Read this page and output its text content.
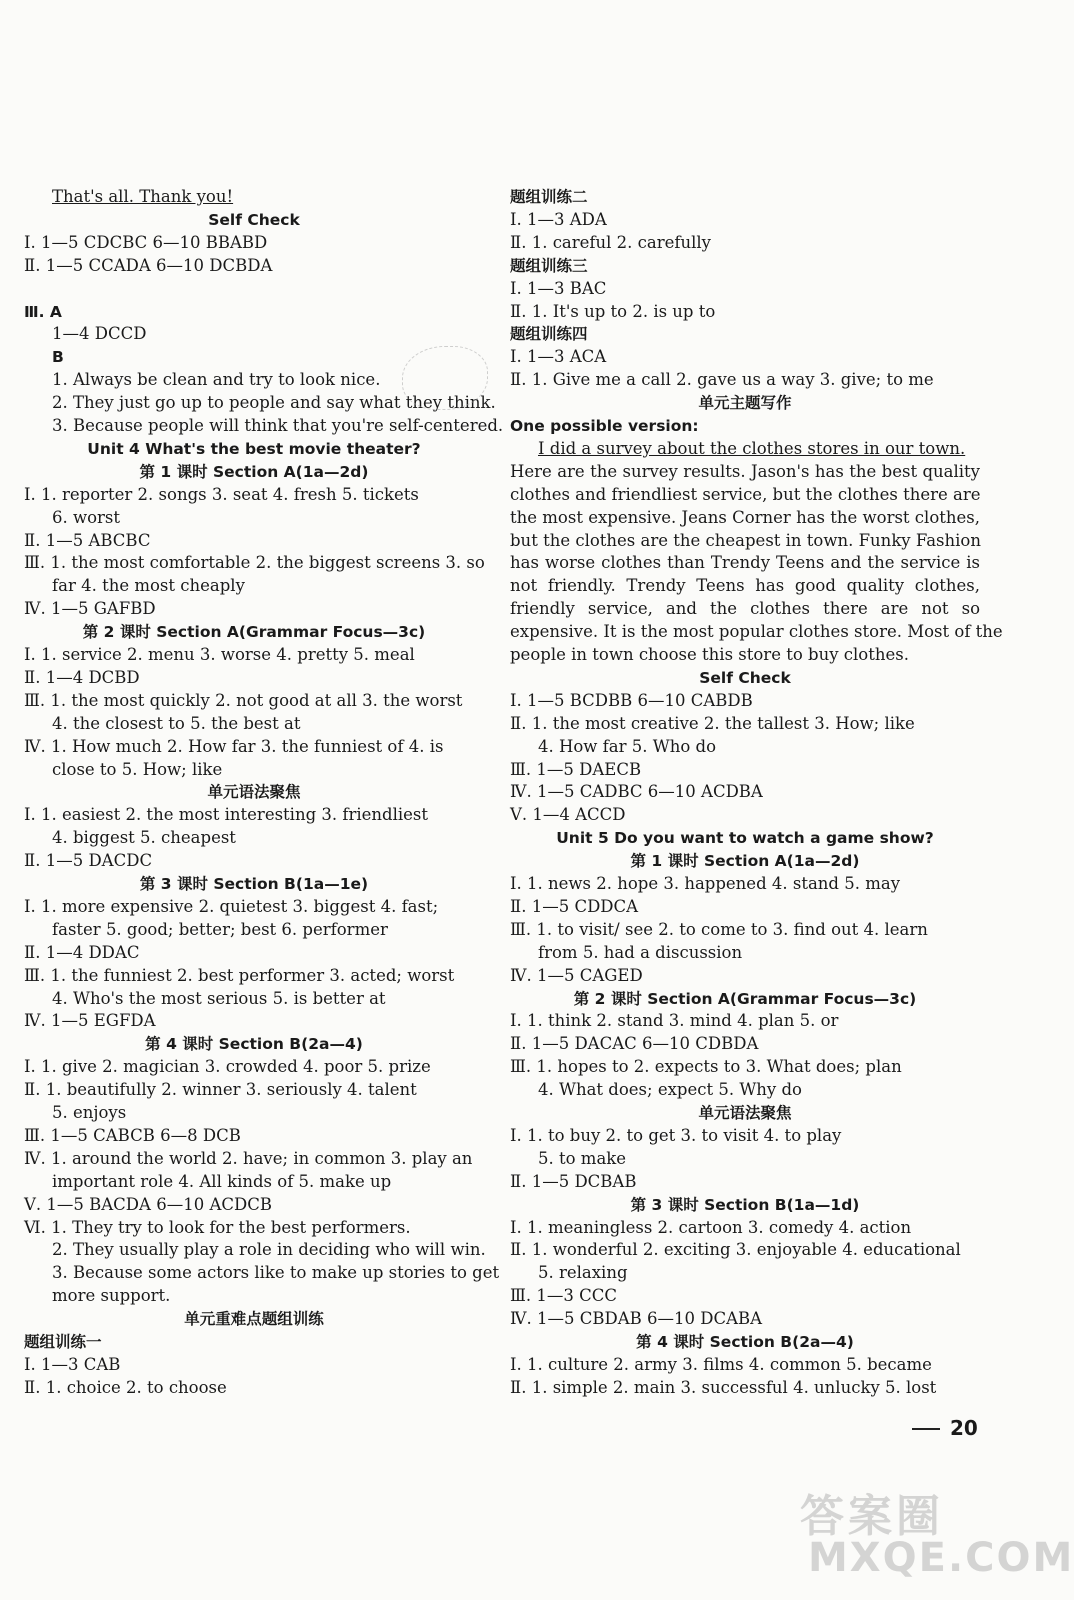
That's all. Thank you!
Self Check
Ⅰ. 1—5 CDCBC 6—10 BBABD
Ⅱ. 1—5 CCADA 6—10 DCBDA
Ⅲ. A
1—4 DCCD
B
1. Always be clean and try to look nice.
2. They just go up to people and say what they think.
3. Because people will think that you're self-centered.
Unit 4 What's the best movie theater?
第 1 课时 Section A(1a—2d)
Ⅰ. 1. reporter 2. songs 3. seat 4. fresh 5. tickets
6. worst
Ⅱ. 1—5 ABCBC
Ⅲ. 1. the most comfortable 2. the biggest screens 3. so
far 4. the most cheaply
Ⅳ. 1—5 GAFBD
第 2 课时 Section A(Grammar Focus—3c)
Ⅰ. 1. service 2. menu 3. worse 4. pretty 5. meal
Ⅱ. 1—4 DCBD
Ⅲ. 1. the most quickly 2. not good at all 3. the worst
4. the closest to 5. the best at
Ⅳ. 1. How much 2. How far 3. the funniest of 4. is
close to 5. How; like
单元语法聚焦
Ⅰ. 1. easiest 2. the most interesting 3. friendliest
4. biggest 5. cheapest
Ⅱ. 1—5 DACDC
第 3 课时 Section B(1a—1e)
Ⅰ. 1. more expensive 2. quietest 3. biggest 4. fast;
faster 5. good; better; best 6. performer
Ⅱ. 1—4 DDAC
Ⅲ. 1. the funniest 2. best performer 3. acted; worst
4. Who's the most serious 5. is better at
Ⅳ. 1—5 EGFDA
第 4 课时 Section B(2a—4)
Ⅰ. 1. give 2. magician 3. crowded 4. poor 5. prize
Ⅱ. 1. beautifully 2. winner 3. seriously 4. talent
5. enjoys
Ⅲ. 1—5 CABCB 6—8 DCB
Ⅳ. 1. around the world 2. have; in common 3. play an
important role 4. All kinds of 5. make up
Ⅴ. 1—5 BACDA 6—10 ACDCB
Ⅵ. 1. They try to look for the best performers.
2. They usually play a role in deciding who will win.
3. Because some actors like to make up stories to get
more support.
单元重难点题组训练
题组训练一
Ⅰ. 1—3 CAB
Ⅱ. 1. choice 2. to choose
题组训练二
Ⅰ. 1—3 ADA
Ⅱ. 1. careful 2. carefully
题组训练三
Ⅰ. 1—3 BAC
Ⅱ. 1. It's up to 2. is up to
题组训练四
Ⅰ. 1—3 ACA
Ⅱ. 1. Give me a call 2. gave us a way 3. give; to me
单元主题写作
One possible version:
I did a survey about the clothes stores in our town.
Here are the survey results. Jason's has the best quality
clothes and friendliest service, but the clothes there are
the most expensive. Jeans Corner has the worst clothes,
but the clothes are the cheapest in town. Funky Fashion
has worse clothes than Trendy Teens and the service is
not friendly. Trendy Teens has good quality clothes,
friendly service, and the clothes there are not so
expensive. It is the most popular clothes store. Most of the
people in town choose this store to buy clothes.
Self Check
Ⅰ. 1—5 BCDBB 6—10 CABDB
Ⅱ. 1. the most creative 2. the tallest 3. How; like
4. How far 5. Who do
Ⅲ. 1—5 DAECB
Ⅳ. 1—5 CADBC 6—10 ACDBA
Ⅴ. 1—4 ACCD
Unit 5 Do you want to watch a game show?
第 1 课时 Section A(1a—2d)
Ⅰ. 1. news 2. hope 3. happened 4. stand 5. may
Ⅱ. 1—5 CDDCA
Ⅲ. 1. to visit/ see 2. to come to 3. find out 4. learn
from 5. had a discussion
Ⅳ. 1—5 CAGED
第 2 课时 Section A(Grammar Focus—3c)
Ⅰ. 1. think 2. stand 3. mind 4. plan 5. or
Ⅱ. 1—5 DACAC 6—10 CDBDA
Ⅲ. 1. hopes to 2. expects to 3. What does; plan
4. What does; expect 5. Why do
单元语法聚焦
Ⅰ. 1. to buy 2. to get 3. to visit 4. to play
5. to make
Ⅱ. 1—5 DCBAB
第 3 课时 Section B(1a—1d)
Ⅰ. 1. meaningless 2. cartoon 3. comedy 4. action
Ⅱ. 1. wonderful 2. exciting 3. enjoyable 4. educational
5. relaxing
Ⅲ. 1—3 CCC
Ⅳ. 1—5 CBDAB 6—10 DCABA
第 4 课时 Section B(2a—4)
Ⅰ. 1. culture 2. army 3. films 4. common 5. became
Ⅱ. 1. simple 2. main 3. successful 4. unlucky 5. lost
20
答案圈
MXQE.COM
